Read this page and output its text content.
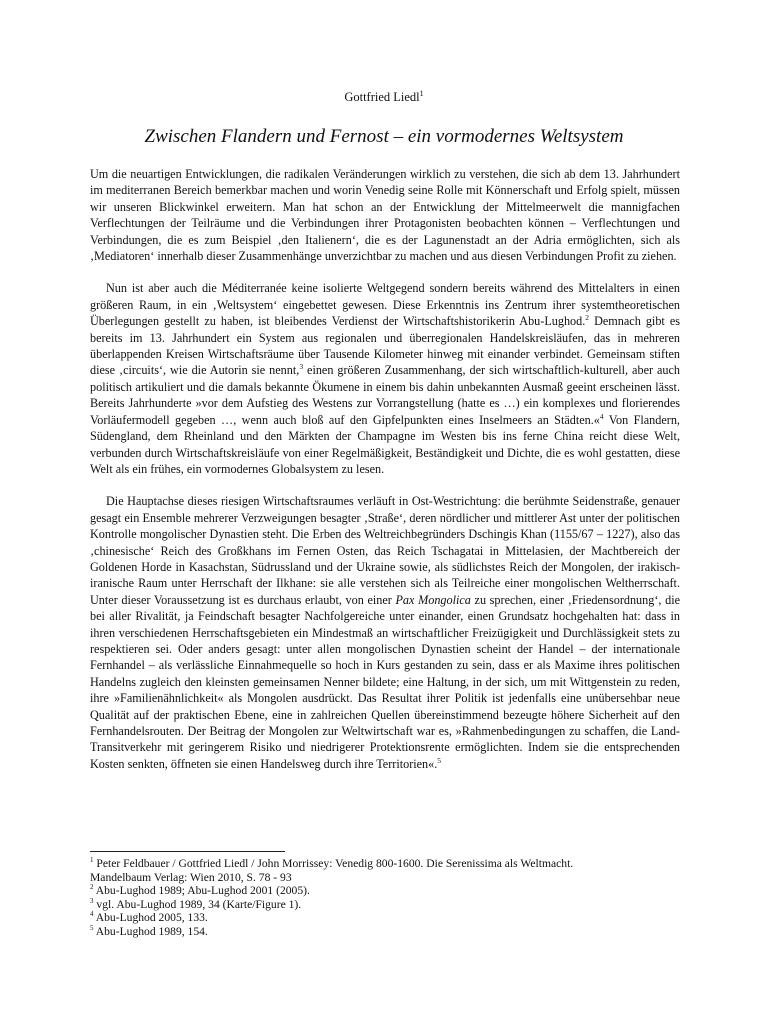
Gottfried Liedl$^1$
Zwischen Flandern und Fernost – ein vormodernes Weltsystem

Um die neuartigen Entwicklungen, die radikalen Veränderungen wirklich zu verstehen, die sich ab dem 13. Jahrhundert im mediterranen Bereich bemerkbar machen und worin Venedig seine Rolle mit Könnerschaft und Erfolg spielt, müssen wir unseren Blickwinkel erweitern. Man hat schon an der Entwicklung der Mittelmeerwelt die mannigfachen Verflechtungen der Teilräume und die Verbindungen ihrer Protagonisten beobachten können – Verflechtungen und Verbindungen, die es zum Beispiel ‚den Italienern‘, die es der Lagunenstadt an der Adria ermöglichten, sich als ‚Mediatoren‘ innerhalb dieser Zusammenhänge unverzichtbar zu machen und aus diesen Verbindungen Profit zu ziehen.

Nun ist aber auch die Méditerranée keine isolierte Weltgegend sondern bereits während des Mittelalters in einen größeren Raum, in ein ‚Weltsystem‘ eingebettet gewesen. Diese Erkenntnis ins Zentrum ihrer systemtheoretischen Überlegungen gestellt zu haben, ist bleibendes Verdienst der Wirtschaftshistorikerin Abu-Lughod.$^2$ Demnach gibt es bereits im 13. Jahrhundert ein System aus regionalen und überregionalen Handelskreisläufen, das in mehreren überlappenden Kreisen Wirtschaftsräume über Tausende Kilometer hinweg mit einander verbindet. Gemeinsam stiften diese ‚circuits‘, wie die Autorin sie nennt,$^3$ einen größeren Zusammenhang, der sich wirtschaftlich-kulturell, aber auch politisch artikuliert und die damals bekannte Ökumene in einem bis dahin unbekannten Ausmaß geeint erscheinen lässt. Bereits Jahrhunderte »vor dem Aufstieg des Westens zur Vorrangstellung (hatte es …) ein komplexes und florierendes Vorläufermodell gegeben …, wenn auch bloß auf den Gipfelpunkten eines Inselmeers an Städten.«$^4$ Von Flandern, Südengland, dem Rheinland und den Märkten der Champagne im Westen bis ins ferne China reicht diese Welt, verbunden durch Wirtschaftskreisläufe von einer Regelmäßigkeit, Beständigkeit und Dichte, die es wohl gestatten, diese Welt als ein frühes, ein vormodernes Globalsystem zu lesen.

Die Hauptachse dieses riesigen Wirtschaftsraumes verläuft in Ost-Westrichtung: die berühmte Seidenstraße, genauer gesagt ein Ensemble mehrerer Verzweigungen besagter ‚Straße‘, deren nördlicher und mittlerer Ast unter der politischen Kontrolle mongolischer Dynastien steht. Die Erben des Weltreichbegründers Dschingis Khan (1155/67 – 1227), also das ‚chinesische‘ Reich des Großkhans im Fernen Osten, das Reich Tschagatai in Mittelasien, der Machtbereich der Goldenen Horde in Kasachstan, Südrussland und der Ukraine sowie, als südlichstes Reich der Mongolen, der irakisch-iranische Raum unter Herrschaft der Ilkhane: sie alle verstehen sich als Teilreiche einer mongolischen Weltherrschaft. Unter dieser Voraussetzung ist es durchaus erlaubt, von einer Pax Mongolica zu sprechen, einer ‚Friedensordnung‘, die bei aller Rivalität, ja Feindschaft besagter Nachfolgereiche unter einander, einen Grundsatz hochgehalten hat: dass in ihren verschiedenen Herrschaftsgebieten ein Mindestmaß an wirtschaftlicher Freizügigkeit und Durchlässigkeit stets zu respektieren sei. Oder anders gesagt: unter allen mongolischen Dynastien scheint der Handel – der internationale Fernhandel – als verlässliche Einnahmequelle so hoch in Kurs gestanden zu sein, dass er als Maxime ihres politischen Handelns zugleich den kleinsten gemeinsamen Nenner bildete; eine Haltung, in der sich, um mit Wittgenstein zu reden, ihre »Familienähnlichkeit« als Mongolen ausdrückt. Das Resultat ihrer Politik ist jedenfalls eine unübersehbar neue Qualität auf der praktischen Ebene, eine in zahlreichen Quellen übereinstimmend bezeugte höhere Sicherheit auf den Fernhandelsrouten. Der Beitrag der Mongolen zur Weltwirtschaft war es, »Rahmenbedingungen zu schaffen, die Land-Transitverkehr mit geringerem Risiko und niedrigerer Protektionsrente ermöglichten. Indem sie die entsprechenden Kosten senkten, öffneten sie einen Handelsweg durch ihre Territorien«.$^5$

$^1$ Peter Feldbauer / Gottfried Liedl / John Morrissey: Venedig 800-1600. Die Serenissima als Weltmacht.
Mandelbaum Verlag: Wien 2010, S. 78 - 93
$^2$ Abu-Lughod 1989; Abu-Lughod 2001 (2005).
$^3$ vgl. Abu-Lughod 1989, 34 (Karte/Figure 1).
$^4$ Abu-Lughod 2005, 133.
$^5$ Abu-Lughod 1989, 154.
